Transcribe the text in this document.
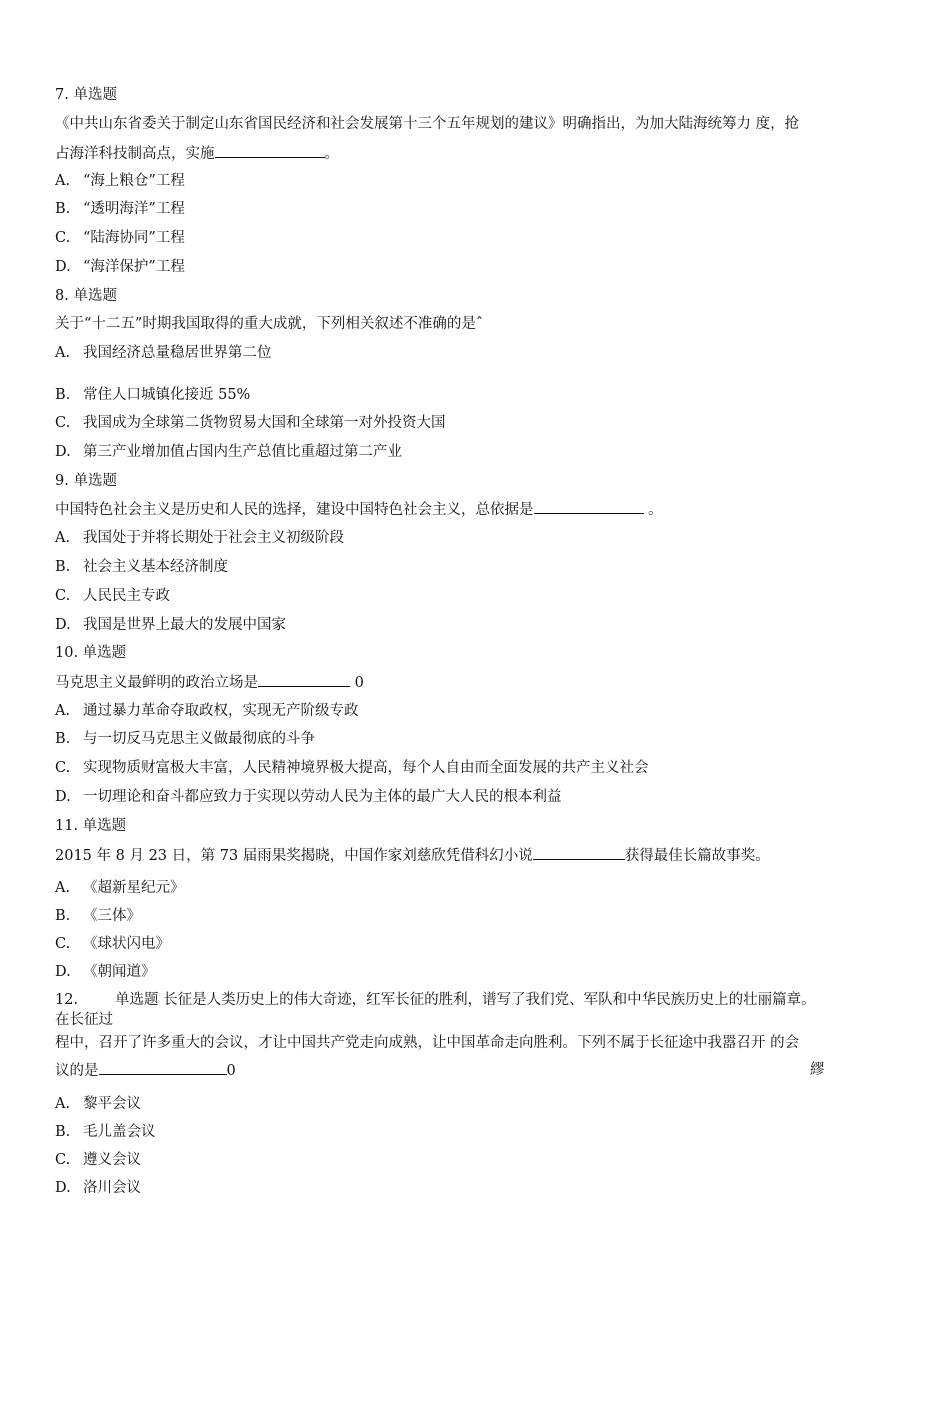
7. 单选题
《中共山东省委关于制定山东省国民经济和社会发展第十三个五年规划的建议》明确指出，为加大陆海统筹力 度，抢
占海洋科技制高点，实施	。
A. “海上粮仓”工程
B. “透明海洋”工程
C. “陆海协同”工程
D. “海洋保护”工程
8. 单选题
关于“十二五”时期我国取得的重大成就，下列相关叙述不准确的是ˆ
A. 我国经济总量稳居世界第二位
B. 常住人口城镇化接近 55%
C. 我国成为全球第二货物贸易大国和全球第一对外投资大国
D. 第三产业增加值占国内生产总值比重超过第二产业
9. 单选题
中国特色社会主义是历史和人民的选择，建设中国特色社会主义，总依据是	。
A. 我国处于并将长期处于社会主义初级阶段
B. 社会主义基本经济制度
C. 人民民主专政
D. 我国是世界上最大的发展中国家
10. 单选题
马克思主义最鲜明的政治立场是	0
A. 通过暴力革命夺取政权，实现无产阶级专政
B. 与一切反马克思主义做最彻底的斗争
C. 实现物质财富极大丰富，人民精神境界极大提高，每个人自由而全面发展的共产主义社会
D. 一切理论和奋斗都应致力于实现以劳动人民为主体的最广大人民的根本利益
11. 单选题
2015 年 8 月 23 日，第 73 届雨果奖揭晓，中国作家刘慈欣凭借科幻小说	获得最佳长篇故事奖。
A. 《超新星纪元》
B. 《三体》
C. 《球状闪电》
D. 《朝闻道》
12.	单选题 长征是人类历史上的伟大奇迹，红军长征的胜利，谱写了我们党、军队和中华民族历史上的壮丽篇章。
在长征过
程中，召开了许多重大的会议，才让中国共产党走向成熟，让中国革命走向胜利。下列不属于长征途中我嚣召开 的会
议的是	0	繆
A. 黎平会议
B. 毛儿盖会议
C. 遵义会议
D. 洛川会议
